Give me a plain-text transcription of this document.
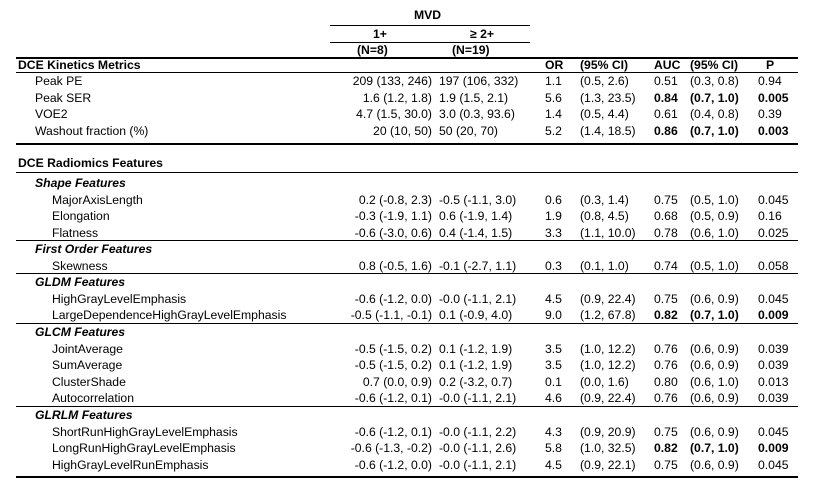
MVD
1+	≥ 2+
(N=8)	(N=19)
DCE Kinetics Metrics	OR (95% CI) AUC (95% CI) P
Peak PE	209 (133, 246) 197 (106, 332)	1.1 (0.5, 2.6) 0.51 (0.3, 0.8) 0.94
Peak SER	1.6 (1.2, 1.8) 1.9 (1.5, 2.1)	5.6 (1.3, 23.5) 0.84 (0.7, 1.0) 0.005
VOE2	4.7 (1.5, 30.0) 3.0 (0.3, 93.6)	1.4 (0.5, 4.4) 0.61 (0.4, 0.8) 0.39
Washout fraction (%)	20 (10, 50) 50 (20, 70)	5.2 (1.4, 18.5) 0.86 (0.7, 1.0) 0.003
DCE Radiomics Features
Shape Features
MajorAxisLength	0.2 (-0.8, 2.3) -0.5 (-1.1, 3.0)	0.6 (0.3, 1.4) 0.75 (0.5, 1.0) 0.045
Elongation	-0.3 (-1.9, 1.1) 0.6 (-1.9, 1.4)	1.9 (0.8, 4.5) 0.68 (0.5, 0.9) 0.16
Flatness	-0.6 (-3.0, 0.6) 0.4 (-1.4, 1.5)	3.3 (1.1, 10.0) 0.78 (0.6, 1.0) 0.025
First Order Features
Skewness	0.8 (-0.5, 1.6) -0.1 (-2.7, 1.1)	0.3 (0.1, 1.0) 0.74 (0.5, 1.0) 0.058
GLDM Features
HighGrayLevelEmphasis	-0.6 (-1.2, 0.0) -0.0 (-1.1, 2.1)	4.5 (0.9, 22.4) 0.75 (0.6, 0.9) 0.045
LargeDependenceHighGrayLevelEmphasis	-0.5 (-1.1, -0.1) 0.1 (-0.9, 4.0)	9.0 (1.2, 67.8) 0.82 (0.7, 1.0) 0.009
GLCM Features
JointAverage	-0.5 (-1.5, 0.2) 0.1 (-1.2, 1.9)	3.5 (1.0, 12.2) 0.76 (0.6, 0.9) 0.039
SumAverage	-0.5 (-1.5, 0.2) 0.1 (-1.2, 1.9)	3.5 (1.0, 12.2) 0.76 (0.6, 0.9) 0.039
ClusterShade	0.7 (0.0, 0.9) 0.2 (-3.2, 0.7)	0.1 (0.0, 1.6) 0.80 (0.6, 1.0) 0.013
Autocorrelation	-0.6 (-1.2, 0.1) -0.0 (-1.1, 2.1)	4.6 (0.9, 22.4) 0.76 (0.6, 0.9) 0.039
GLRLM Features
ShortRunHighGrayLevelEmphasis	-0.6 (-1.2, 0.1) -0.0 (-1.1, 2.2)	4.3 (0.9, 20.9) 0.75 (0.6, 0.9) 0.045
LongRunHighGrayLevelEmphasis	-0.6 (-1.3, -0.2) -0.0 (-1.1, 2.6)	5.8 (1.0, 32.5) 0.82 (0.7, 1.0) 0.009
HighGrayLevelRunEmphasis	-0.6 (-1.2, 0.0) -0.0 (-1.1, 2.1)	4.5 (0.9, 22.1) 0.75 (0.6, 0.9) 0.045
